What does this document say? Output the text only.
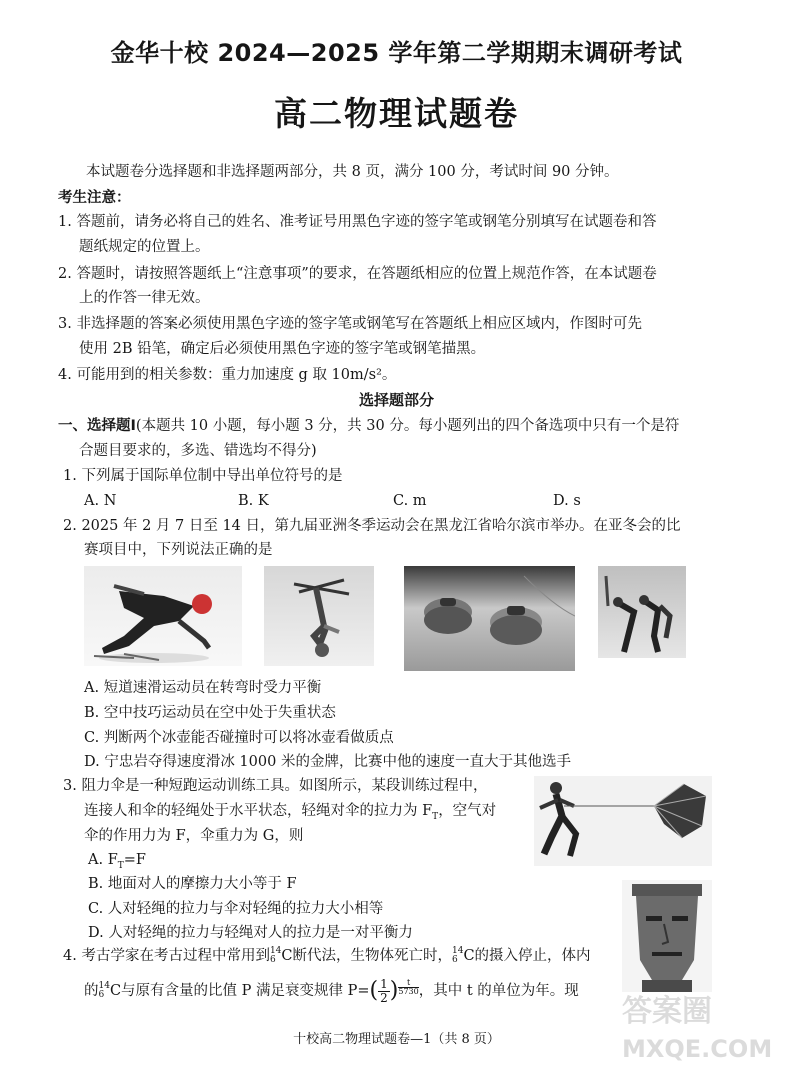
金华十校 2024—2025 学年第二学期期末调研考试
高二物理试题卷
本试题卷分选择题和非选择题两部分，共 8 页，满分 100 分，考试时间 90 分钟。
考生注意：
1. 答题前，请务必将自己的姓名、准考证号用黑色字迹的签字笔或钢笔分别填写在试题卷和答
题纸规定的位置上。
2. 答题时，请按照答题纸上“注意事项”的要求，在答题纸相应的位置上规范作答，在本试题卷
上的作答一律无效。
3. 非选择题的答案必须使用黑色字迹的签字笔或钢笔写在答题纸上相应区域内，作图时可先
使用 2B 铅笔，确定后必须使用黑色字迹的签字笔或钢笔描黑。
4. 可能用到的相关参数：重力加速度 g 取 10m/s²。
选择题部分
一、选择题Ⅰ(本题共 10 小题，每小题 3 分，共 30 分。每小题列出的四个备选项中只有一个是符
合题目要求的，多选、错选均不得分)
1. 下列属于国际单位制中导出单位符号的是
A. N	B. K	C. m	D. s
2. 2025 年 2 月 7 日至 14 日，第九届亚洲冬季运动会在黑龙江省哈尔滨市举办。在亚冬会的比
赛项目中，下列说法正确的是
A. 短道速滑运动员在转弯时受力平衡
B. 空中技巧运动员在空中处于失重状态
C. 判断两个冰壶能否碰撞时可以将冰壶看做质点
D. 宁忠岩夺得速度滑冰 1000 米的金牌，比赛中他的速度一直大于其他选手
3. 阻力伞是一种短跑运动训练工具。如图所示，某段训练过程中，
连接人和伞的轻绳处于水平状态，轻绳对伞的拉力为 $F_T$，空气对
伞的作用力为 F，伞重力为 G，则
A. $F_T=F$
B. 地面对人的摩擦力大小等于 F
C. 人对轻绳的拉力与伞对轻绳的拉力大小相等
D. 人对轻绳的拉力与轻绳对人的拉力是一对平衡力
4. 考古学家在考古过程中常用到 14
6 C断代法，生物体死亡时， 14
6 C的摄入停止，体内
的 14
6 C与原有含量的比值 P 满足衰变规律 $P=( \frac{1}{2}$ ) $\frac{t}{5730}$ ，其中 t 的单位为年。现
十校高二物理试题卷—1（共 8 页）
答案圈
MXQE.COM
